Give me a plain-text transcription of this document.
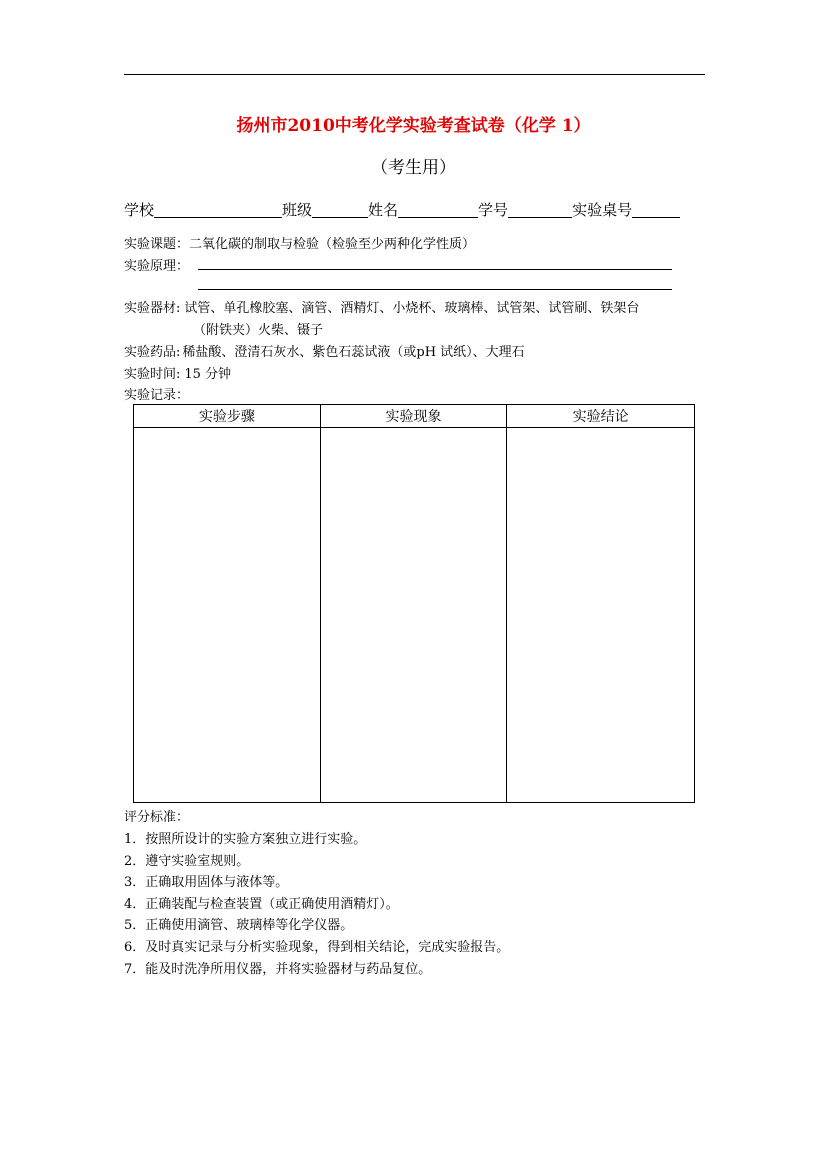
扬州市2010中考化学实验考查试卷（化学 1）
（考生用）
学校	班级	姓名	学号	实验桌号
实验课题：二氧化碳的制取与检验（检验至少两种化学性质）
实验原理：
实验器材: 试管、单孔橡胶塞、滴管、酒精灯、小烧杯、玻璃棒、试管架、试管刷、铁架台
（附铁夹）火柴、镊子
实验药品: 稀盐酸、澄清石灰水、紫色石蕊试液（或pH 试纸）、大理石
实验时间: 15 分钟
实验记录：
实验步骤	实验现象	实验结论

评分标准：
1．按照所设计的实验方案独立进行实验。
2．遵守实验室规则。
3．正确取用固体与液体等。
4．正确装配与检查装置（或正确使用酒精灯）。
5．正确使用滴管、玻璃棒等化学仪器。
6．及时真实记录与分析实验现象，得到相关结论，完成实验报告。
7．能及时洗净所用仪器，并将实验器材与药品复位。
